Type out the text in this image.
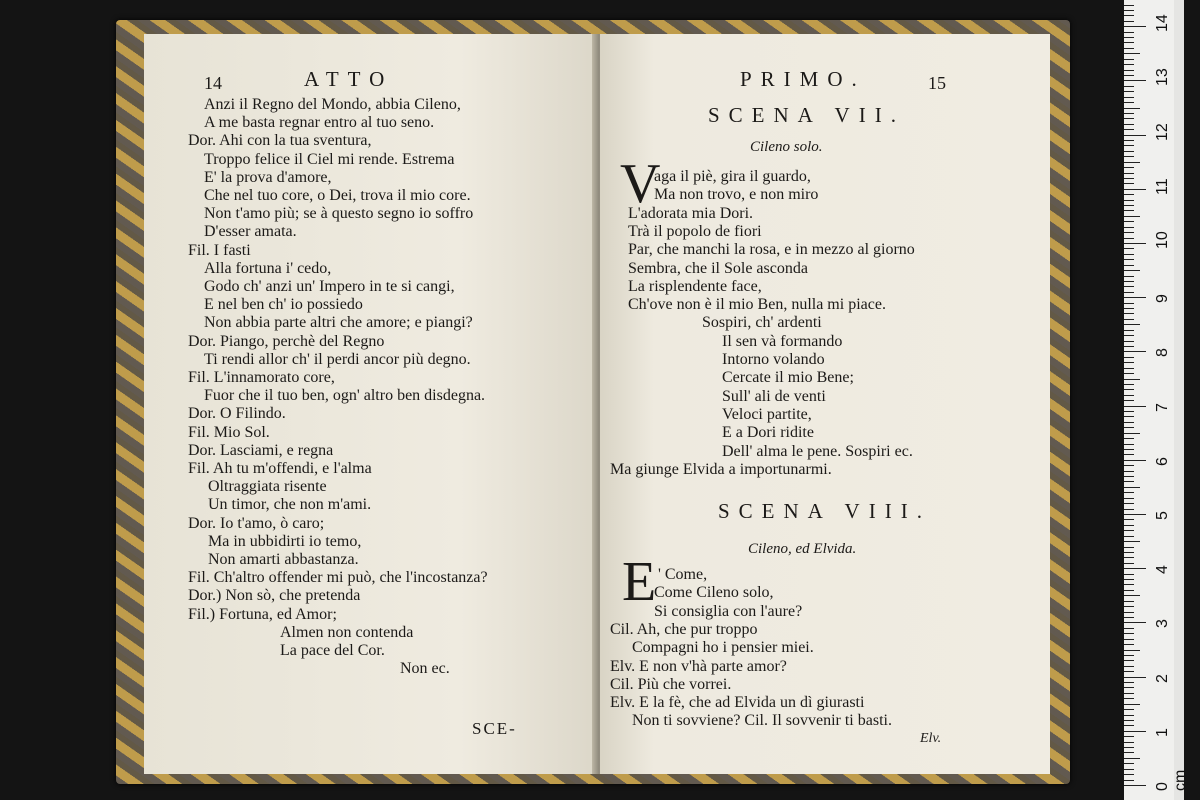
14	ATTO
Anzi il Regno del Mondo, abbia Cileno,
A me basta regnar entro al tuo seno.
Dor. Ahi con la tua sventura,
Troppo felice il Ciel mi rende. Estrema
E' la prova d'amore,
Che nel tuo core, o Dei, trova il mio core.
Non t'amo più; se à questo segno io soffro
D'esser amata.
Fil. I fasti
Alla fortuna i' cedo,
Godo ch' anzi un' Impero in te si cangi,
E nel ben ch' io possiedo
Non abbia parte altri che amore; e piangi?
Dor. Piango, perchè del Regno
Ti rendi allor ch' il perdi ancor più degno.
Fil. L'innamorato core,
Fuor che il tuo ben, ogn' altro ben disdegna.
Dor. O Filindo.
Fil. Mio Sol.
Dor. Lasciami, e regna
Fil. Ah tu m'offendi, e l'alma
Oltraggiata risente
Un timor, che non m'ami.
Dor. Io t'amo, ò caro;
Ma in ubbidirti io temo,
Non amarti abbastanza.
Fil. Ch'altro offender mi può, che l'incostanza?
Dor.) Non sò, che pretenda
Fil.) Fortuna, ed Amor;
Almen non contenda
La pace del Cor.
Non ec.
SCE-
PRIMO.	15
SCENA VII.
Cileno solo.
V
aga il piè, gira il guardo,
Ma non trovo, e non miro
L'adorata mia Dori.
Trà il popolo de fiori
Par, che manchi la rosa, e in mezzo al giorno
Sembra, che il Sole asconda
La risplendente face,
Ch'ove non è il mio Ben, nulla mi piace.
Sospiri, ch' ardenti
Il sen và formando
Intorno volando
Cercate il mio Bene;
Sull' ali de venti
Veloci partite,
E a Dori ridite
Dell' alma le pene. Sospiri ec.
Ma giunge Elvida a importunarmi.
SCENA VIII.
Cileno, ed Elvida.
E ' Come,
Come Cileno solo,
Si consiglia con l'aure?
Cil. Ah, che pur troppo
Compagni ho i pensier miei.
Elv. E non v'hà parte amor?
Cil. Più che vorrei.
Elv. E la fè, che ad Elvida un dì giurasti
Non ti sovviene? Cil. Il sovvenir ti basti.
Elv.
0 cm
1
2
3
4
5
6
7
8
9
10
11
12
13
14
